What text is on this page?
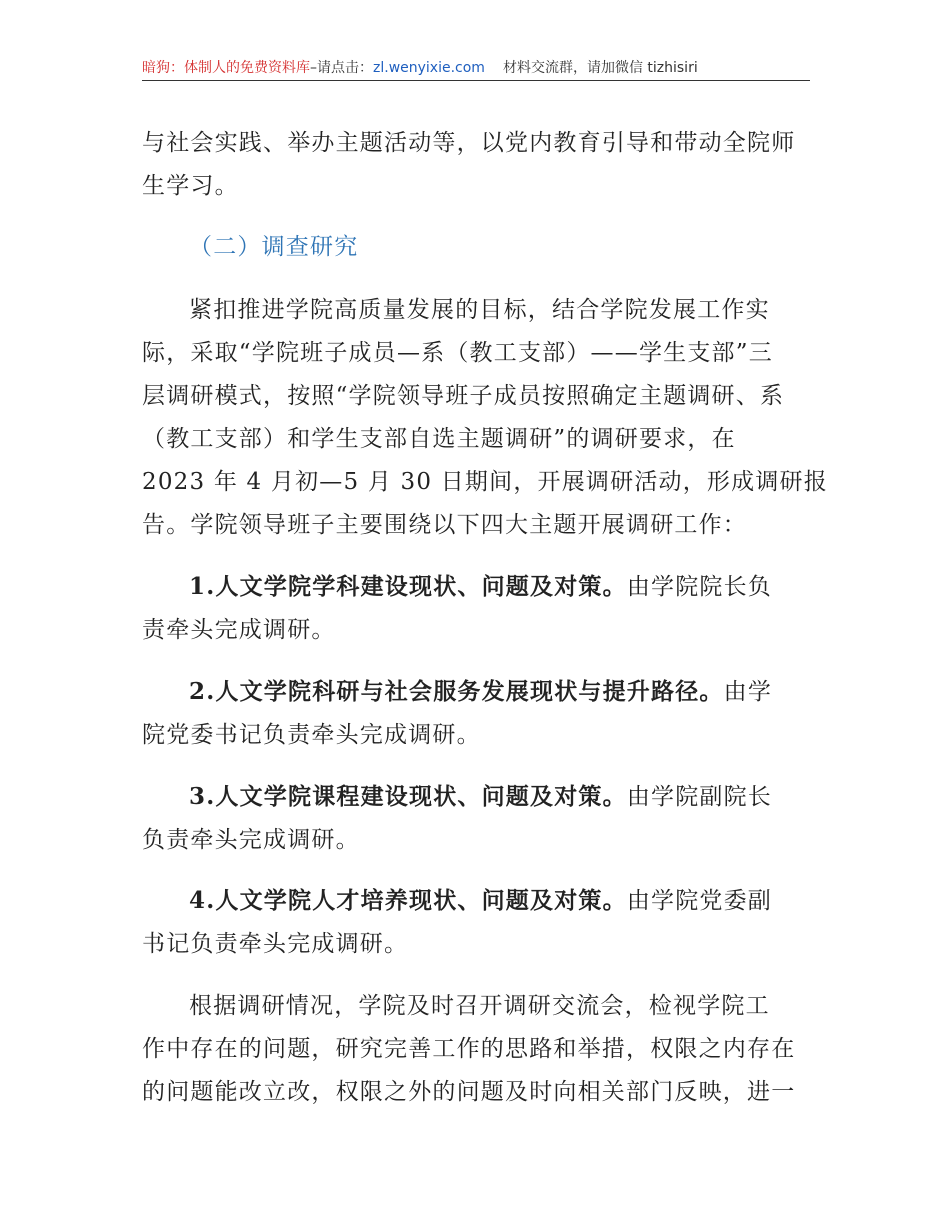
暗狗：体制人的免费资料库–请点击：zl.wenyixie.com 材料交流群，请加微信 tizhisiri
与社会实践、举办主题活动等，以党内教育引导和带动全院师
生学习。
（二）调查研究
紧扣推进学院高质量发展的目标，结合学院发展工作实
际，采取“学院班子成员—系（教工支部）——学生支部”三
层调研模式，按照“学院领导班子成员按照确定主题调研、系
（教工支部）和学生支部自选主题调研”的调研要求，在
2023 年 4 月初—5 月 30 日期间，开展调研活动，形成调研报
告。学院领导班子主要围绕以下四大主题开展调研工作：
1.人文学院学科建设现状、问题及对策。由学院院长负
责牵头完成调研。
2.人文学院科研与社会服务发展现状与提升路径。由学
院党委书记负责牵头完成调研。
3.人文学院课程建设现状、问题及对策。由学院副院长
负责牵头完成调研。
4.人文学院人才培养现状、问题及对策。由学院党委副
书记负责牵头完成调研。
根据调研情况，学院及时召开调研交流会，检视学院工
作中存在的问题，研究完善工作的思路和举措，权限之内存在
的问题能改立改，权限之外的问题及时向相关部门反映，进一
